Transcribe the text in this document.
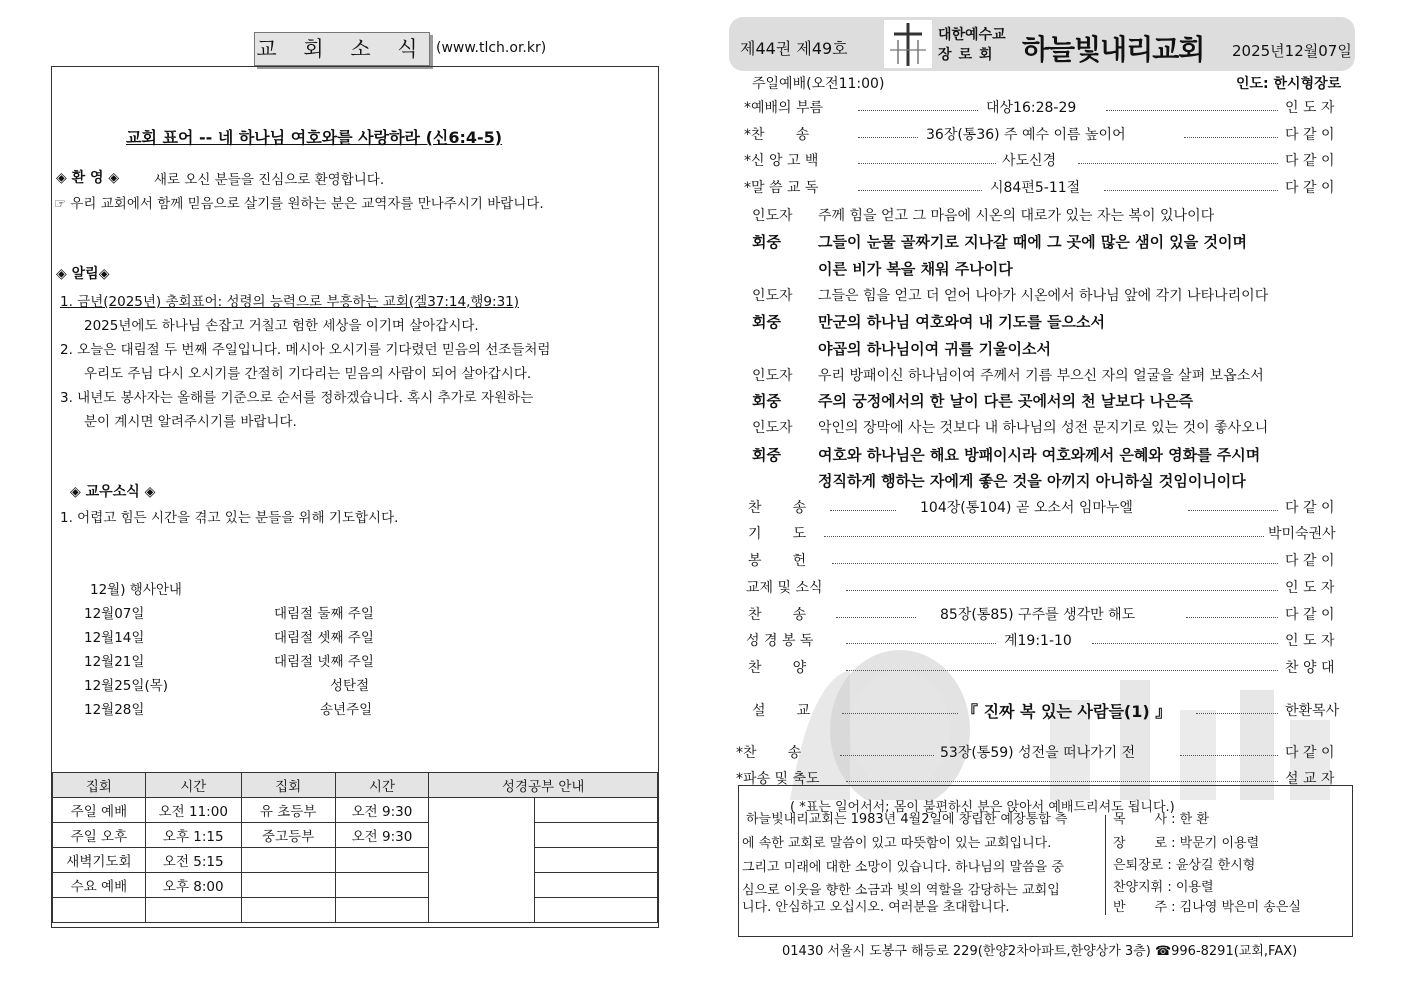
교 회 소 식 (www.tlch.or.kr)
교회 표어 -- 네 하나님 여호와를 사랑하라 (신6:4-5)
◈ 환 영 ◈	새로 오신 분들을 진심으로 환영합니다.
☞ 우리 교회에서 함께 믿음으로 살기를 원하는 분은 교역자를 만나주시기 바랍니다.
◈ 알림◈
1. 금년(2025년) 총회표어: 성령의 능력으로 부흥하는 교회(겔37:14,행9:31)
2025년에도 하나님 손잡고 거칠고 험한 세상을 이기며 살아갑시다.
2. 오늘은 대림절 두 번째 주일입니다. 메시아 오시기를 기다렸던 믿음의 선조들처럼
우리도 주님 다시 오시기를 간절히 기다리는 믿음의 사람이 되어 살아갑시다.
3. 내년도 봉사자는 올해를 기준으로 순서를 정하겠습니다. 혹시 추가로 자원하는
분이 계시면 알려주시기를 바랍니다.
◈ 교우소식 ◈
1. 어렵고 힘든 시간을 겪고 있는 분들을 위해 기도합시다.
12월) 행사안내
12월07일	대림절 둘째 주일
12월14일	대림절 셋째 주일
12월21일	대림절 넷째 주일
12월25일(목)	성탄절
12월28일	송년주일
집회	시간	집회	시간	성경공부 안내	
주일 예배	오전 11:00	유 초등부	오전 9:30		
주일 오후	오후 1:15	중고등부	오전 9:30		
새벽기도회	오전 5:15				
수요 예배	오후 8:00				

제44권 제49호
대한예수교
장로회 하늘빛내리교회 2025년12월07일
주일예배(오전11:00)	인도: 한시형장로
*예배의 부름	대상16:28-29	인 도 자
*찬       송	36장(통36) 주 예수 이름 높이어	다 같 이
*신 앙 고 백	사도신경	다 같 이
*말 씀 교 독	시84편5-11절	다 같 이
인도자 주께 힘을 얻고 그 마음에 시온의 대로가 있는 자는 복이 있나이다
회중 그들이 눈물 골짜기로 지나갈 때에 그 곳에 많은 샘이 있을 것이며
이른 비가 복을 채워 주나이다
인도자 그들은 힘을 얻고 더 얻어 나아가 시온에서 하나님 앞에 각기 나타나리이다
회중 만군의 하나님 여호와여 내 기도를 들으소서
야곱의 하나님이여 귀를 기울이소서
인도자 우리 방패이신 하나님이여 주께서 기름 부으신 자의 얼굴을 살펴 보옵소서
회중 주의 궁정에서의 한 날이 다른 곳에서의 천 날보다 나은즉
인도자 악인의 장막에 사는 것보다 내 하나님의 성전 문지기로 있는 것이 좋사오니
회중 여호와 하나님은 해요 방패이시라 여호와께서 은혜와 영화를 주시며
정직하게 행하는 자에게 좋은 것을 아끼지 아니하실 것임이니이다
찬       송	104장(통104) 곧 오소서 임마누엘	다 같 이
기       도	박미숙권사
봉       헌	다 같 이
교제 및 소식	인 도 자
찬       송	85장(통85) 구주를 생각만 해도	다 같 이
성 경 봉 독	계19:1-10	인 도 자
찬       양	찬 양 대
설       교	『 진짜 복 있는 사람들(1) 』	한환목사
*찬       송	53장(통59) 성전을 떠나가기 전	다 같 이
*파송 및 축도	설 교 자
( *표는 일어서서; 몸이 불편하신 분은 앉아서 예배드리셔도 됩니다.)
하늘빛내리교회는 1983년 4월2일에 창립한 예장통합 측
에 속한 교회로 말씀이 있고 따뜻함이 있는 교회입니다.
그리고 미래에 대한 소망이 있습니다. 하나님의 말씀을 중
심으로 이웃을 향한 소금과 빛의 역할을 감당하는 교회입
니다. 안심하고 오십시오. 여러분을 초대합니다.
목       사 : 한 환
장       로 : 박문기 이용렬
은퇴장로 : 윤상길 한시형
찬양지휘 : 이용렬
반       주 : 김나영 박은미 송은실
01430 서울시 도봉구 해등로 229(한양2차아파트,한양상가 3층) ☎996-8291(교회,FAX)
